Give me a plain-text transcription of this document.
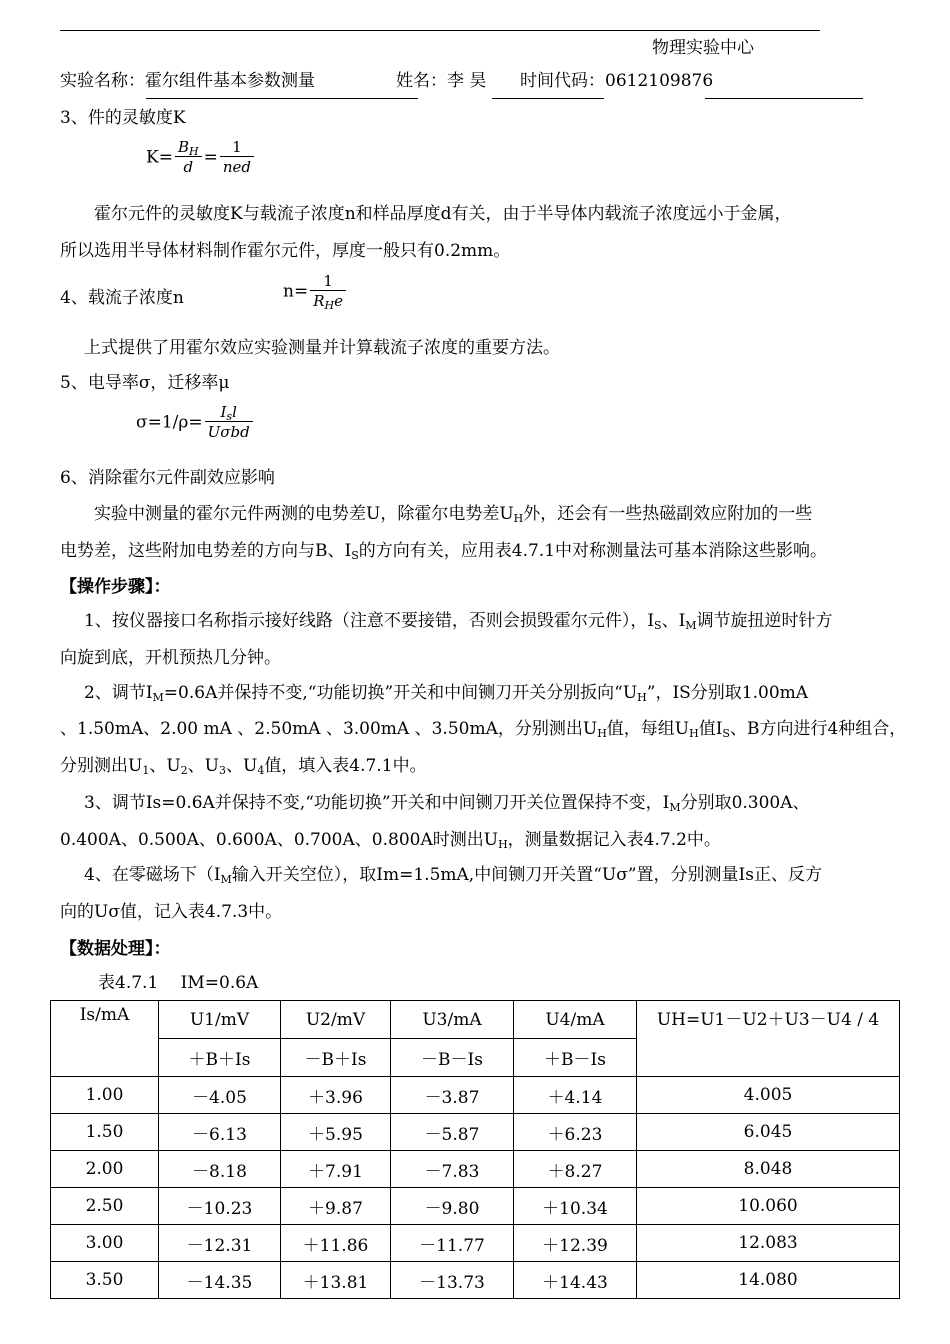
物理实验中心
实验名称：霍尔组件基本参数测量	姓名：李 昊 时间代码：0612109876
3、件的灵敏度K
$K= \frac{B_H}{d} = \frac{1}{\text{ned}}$
霍尔元件的灵敏度K与载流子浓度n和样品厚度d有关，由于半导体内载流子浓度远小于金属，
所以选用半导体材料制作霍尔元件，厚度一般只有0.2mm。
4、载流子浓度n	$n= \frac{1}{R_He}$
上式提供了用霍尔效应实验测量并计算载流子浓度的重要方法。
5、电导率σ，迁移率μ
$\sigma=1/\rho= \frac{I_sl}{\text{Uσbd}}$
6、消除霍尔元件副效应影响
实验中测量的霍尔元件两测的电势差U，除霍尔电势差$U_H$外，还会有一些热磁副效应附加的一些
电势差，这些附加电势差的方向与B、$I_S$的方向有关，应用表4.7.1中对称测量法可基本消除这些影响。
【操作步骤】：
1、按仪器接口名称指示接好线路（注意不要接错，否则会损毁霍尔元件），$I_S$、$I_M$调节旋扭逆时针方
向旋到底，开机预热几分钟。
2、调节$I_M=0.6A$并保持不变,“功能切换”开关和中间铡刀开关分别扳向“$U_H$”，IS分别取1.00mA
、1.50mA、2.00 mA 、2.50mA 、3.00mA 、3.50mA，分别测出$U_H$值，每组$U_H$值$I_S$、B方向进行4种组合，
分别测出$U_1$、$U_2$、$U_3$、$U_4$值，填入表4.7.1中。
3、调节Is=0.6A并保持不变,“功能切换”开关和中间铡刀开关位置保持不变，$I_M$分别取0.300A、
0.400A、0.500A、0.600A、0.700A、0.800A时测出$U_H$，测量数据记入表4.7.2中。
4、在零磁场下（$I_M$输入开关空位），取Im=1.5mA,中间铡刀开关置“Uσ”置，分别测量Is正、反方
向的Uσ值，记入表4.7.3中。
【数据处理】：
表4.7.1　 IM=0.6A
Is/mA	U1/mV	U2/mV	U3/mA	U4/mA	UH=U1－U2＋U3－U4 / 4
	＋B＋Is	－B＋Is	－B－Is	＋B－Is	
1.00	－4.05	＋3.96	－3.87	＋4.14	4.005
1.50	－6.13	＋5.95	－5.87	＋6.23	6.045
2.00	－8.18	＋7.91	－7.83	＋8.27	8.048
2.50	－10.23	＋9.87	－9.80	＋10.34	10.060
3.00	－12.31	＋11.86	－11.77	＋12.39	12.083
3.50	－14.35	＋13.81	－13.73	＋14.43	14.080
